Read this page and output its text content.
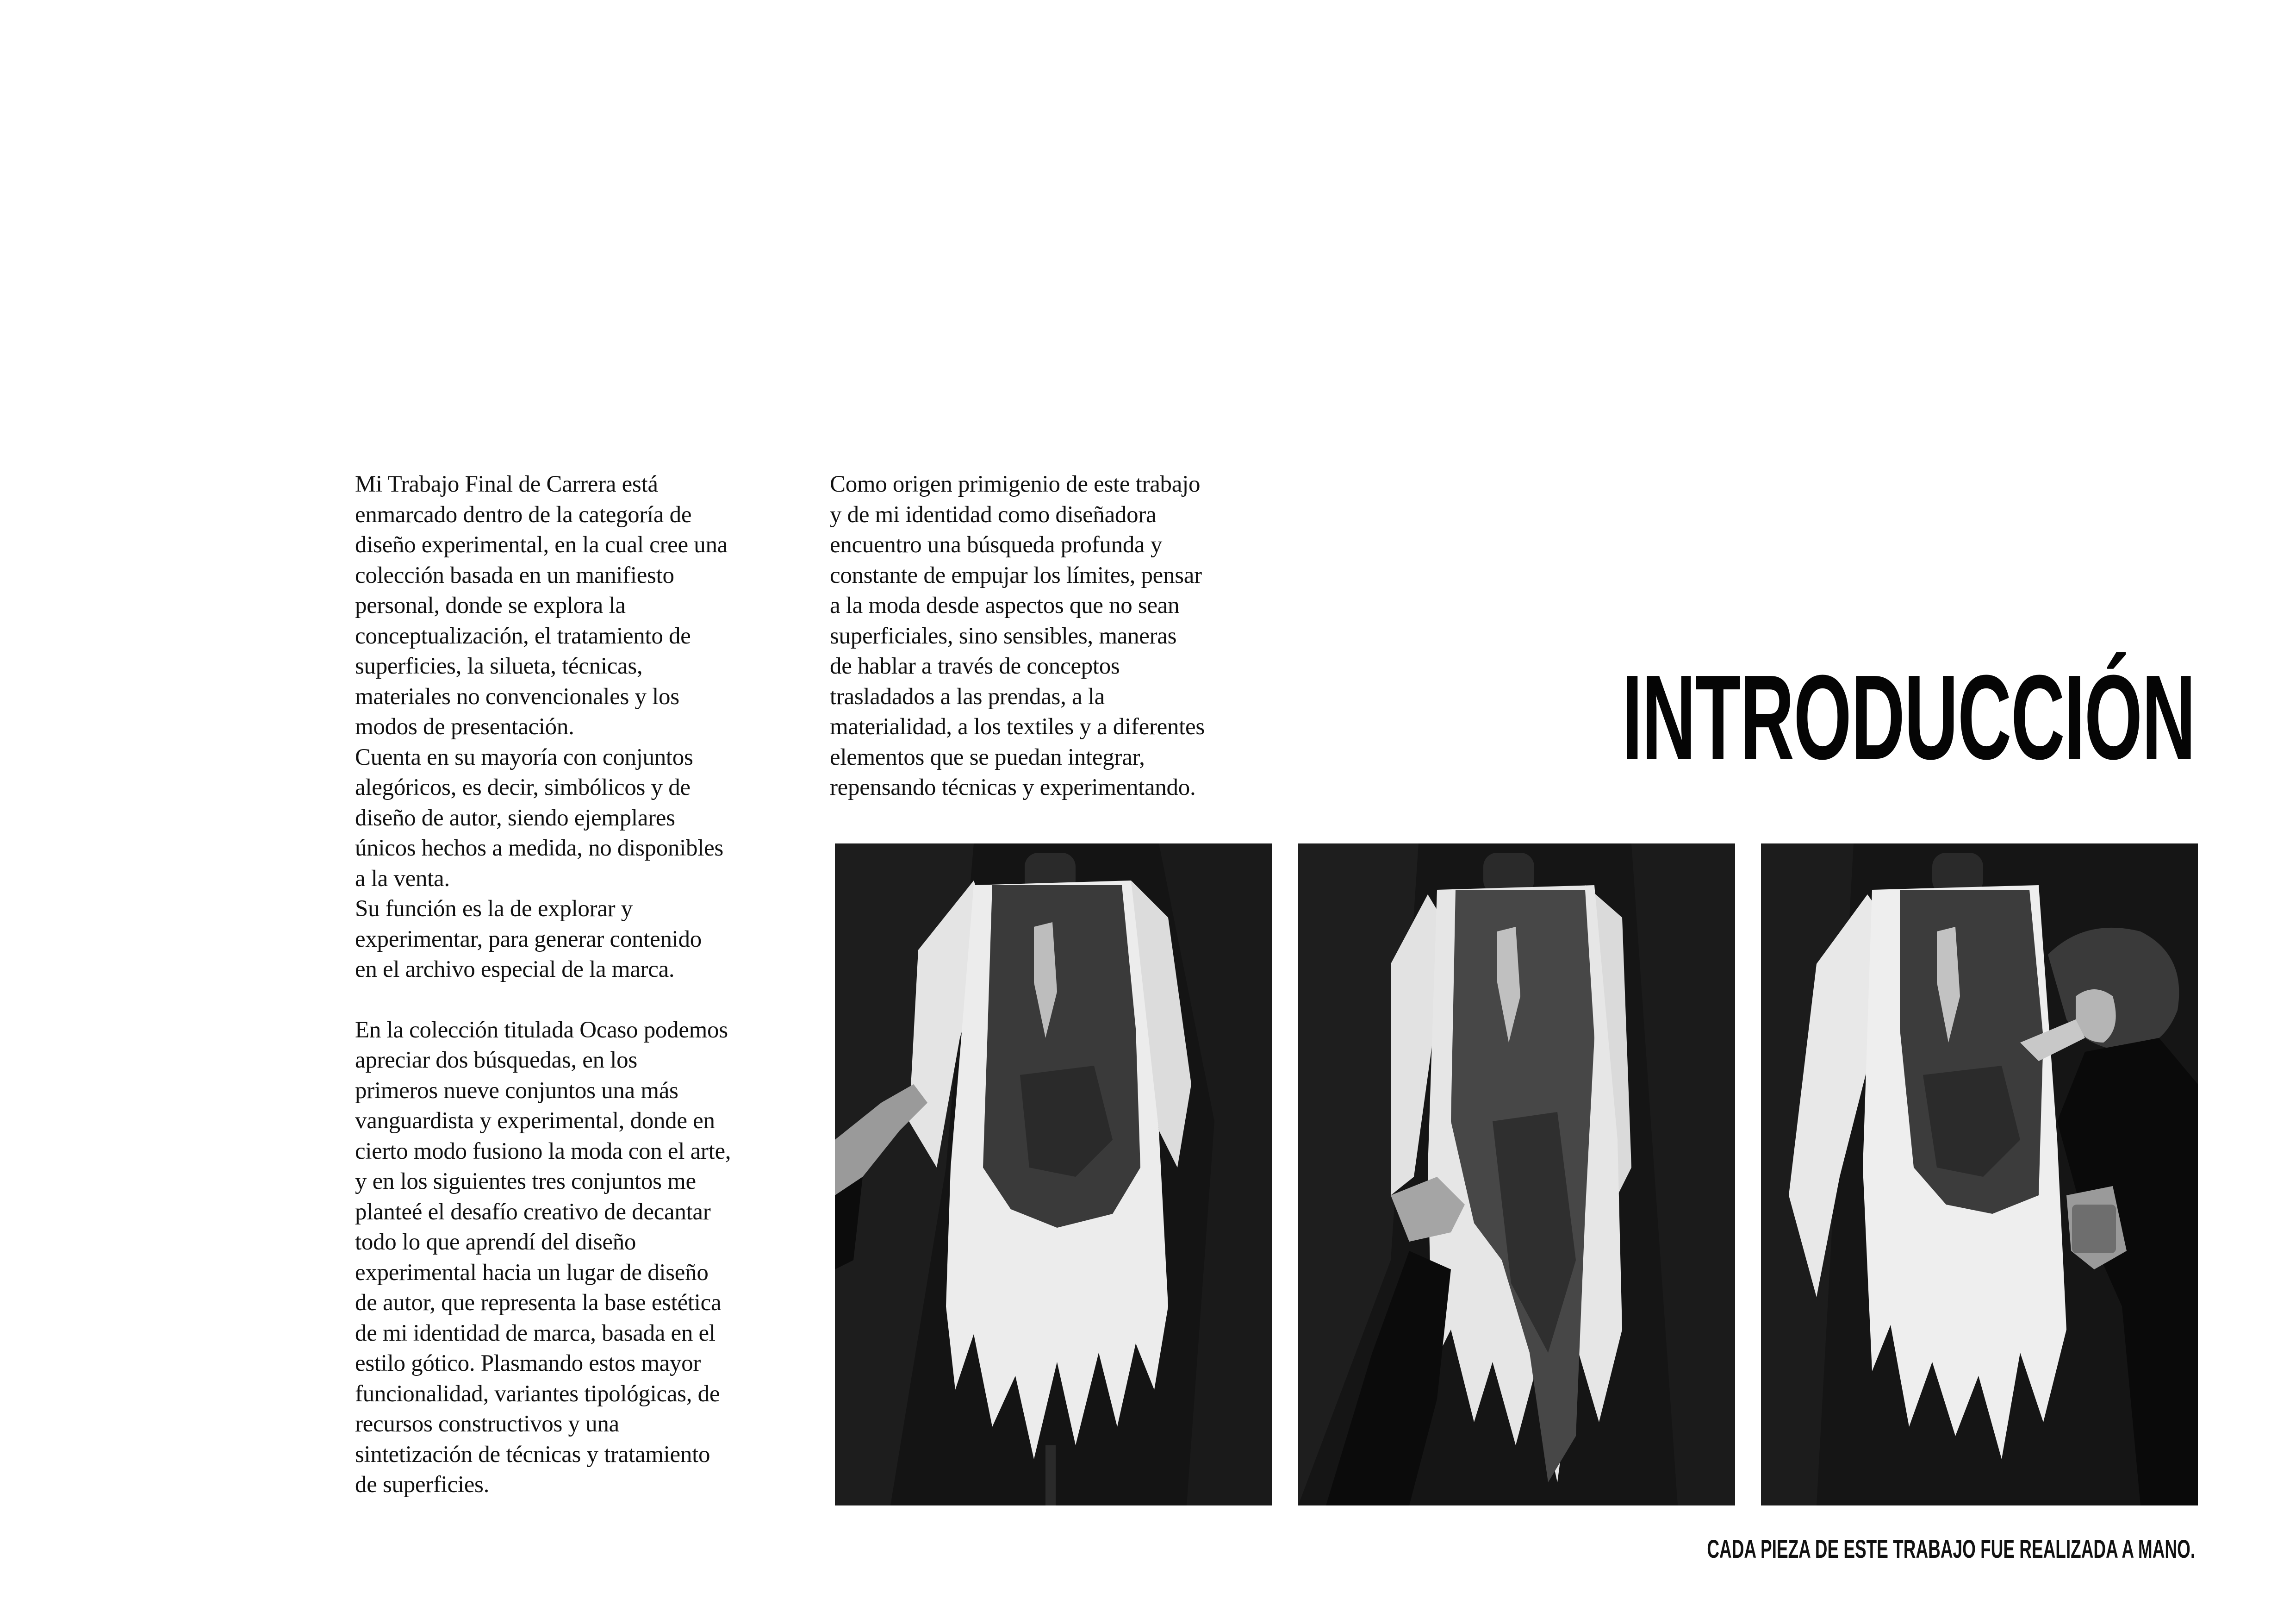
Mi Trabajo Final de Carrera está
enmarcado dentro de la categoría de
diseño experimental, en la cual cree una
colección basada en un manifiesto
personal, donde se explora la
conceptualización, el tratamiento de
superficies, la silueta, técnicas,
materiales no convencionales y los
modos de presentación.
Cuenta en su mayoría con conjuntos
alegóricos, es decir, simbólicos y de
diseño de autor, siendo ejemplares
únicos hechos a medida, no disponibles
a la venta.
Su función es la de explorar y
experimentar, para generar contenido
en el archivo especial de la marca.

En la colección titulada Ocaso podemos
apreciar dos búsquedas, en los
primeros nueve conjuntos una más
vanguardista y experimental, donde en
cierto modo fusiono la moda con el arte,
y en los siguientes tres conjuntos me
planteé el desafío creativo de decantar
todo lo que aprendí del diseño
experimental hacia un lugar de diseño
de autor, que representa la base estética
de mi identidad de marca, basada en el
estilo gótico. Plasmando estos mayor
funcionalidad, variantes tipológicas, de
recursos constructivos y una
sintetización de técnicas y tratamiento
de superficies.

Como origen primigenio de este trabajo
y de mi identidad como diseñadora
encuentro una búsqueda profunda y
constante de empujar los límites, pensar
a la moda desde aspectos que no sean
superficiales, sino sensibles, maneras
de hablar a través de conceptos
trasladados a las prendas, a la
materialidad, a los textiles y a diferentes
elementos que se puedan integrar,
repensando técnicas y experimentando.

INTRODUCCIÓN
CADA PIEZA DE ESTE TRABAJO FUE REALIZADA A MANO.
